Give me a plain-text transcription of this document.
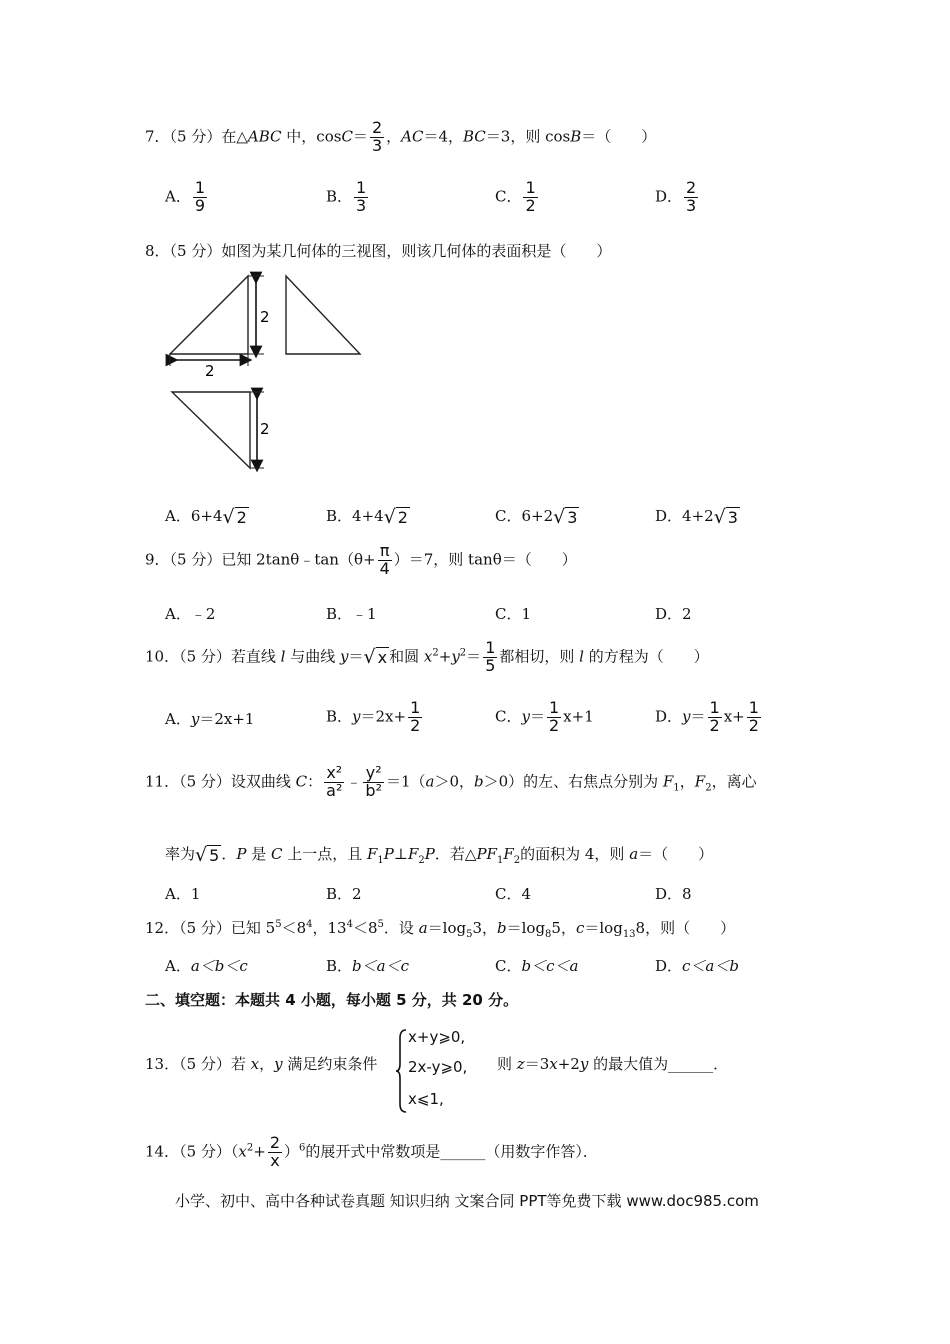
7．（5 分）在△ABC 中，$\cos C= \frac{2}{3}$ ，AC＝4，BC＝3，则 cosB＝（　　）
A． $\frac{1}{9}$	B． $\frac{1}{3}$	C． $\frac{1}{2}$	D． $\frac{2}{3}$
8．（5 分）如图为某几何体的三视图，则该几何体的表面积是（　　）
2
2
2
A．6+4√ 2	B．4+4√ 2	C．6+2√ 3	D．4+2√ 3
9．（5 分）已知 2tanθ﹣tan（θ+ $\frac{\pi}{4} )=7$，则 tanθ＝（　　）
A．﹣2	B．﹣1	C．1	D．2
10．（5 分）若直线 l 与曲线 y＝√ x 和圆 $x^2+y^2= \frac{1}{5}$ 都相切，则 l 的方程为（　　）
A．y＝2x+1	B．$y=2x+ \frac{1}{2}$	C．$y= \frac{1}{2} x+1$	D．$y= \frac{1}{2} x+ \frac{1}{2}$
11．（5 分）设双曲线 C： $\frac{\text{x²}}{\text{a²}}$ ﹣ $\frac{\text{y²}}{\text{b²}} =1(a>0$，b＞0）的左、右焦点分别为 $F_1$，$F_2$，离心
率为√ 5 ．P 是 C 上一点，且 $F_1P\perp F_2P$．若$\triangle PF_1F_2$的面积为 4，则 a＝（　　）
A．1	B．2	C．4	D．8
12．（5 分）已知 $5^5<8^4$，$13^4<8^5$．设 $a=\log_53$，$b=\log_85$，$c=\log_{13}8$，则（　　）
A．a＜b＜c	B．b＜a＜c	C．b＜c＜a	D．c＜a＜b
二、填空题：本题共 4 小题，每小题 5 分，共 20 分。
13．（5 分）若 x，y 满足约束条件
x+y⩾0,
2x-y⩾0,
x⩽1,
则 z＝3x+2y 的最大值为______．
14．（5 分）$(x^2+ \frac{2}{x} )^6$的展开式中常数项是______（用数字作答）．
小学、初中、高中各种试卷真题 知识归纳 文案合同 PPT等免费下载 www.doc985.com
